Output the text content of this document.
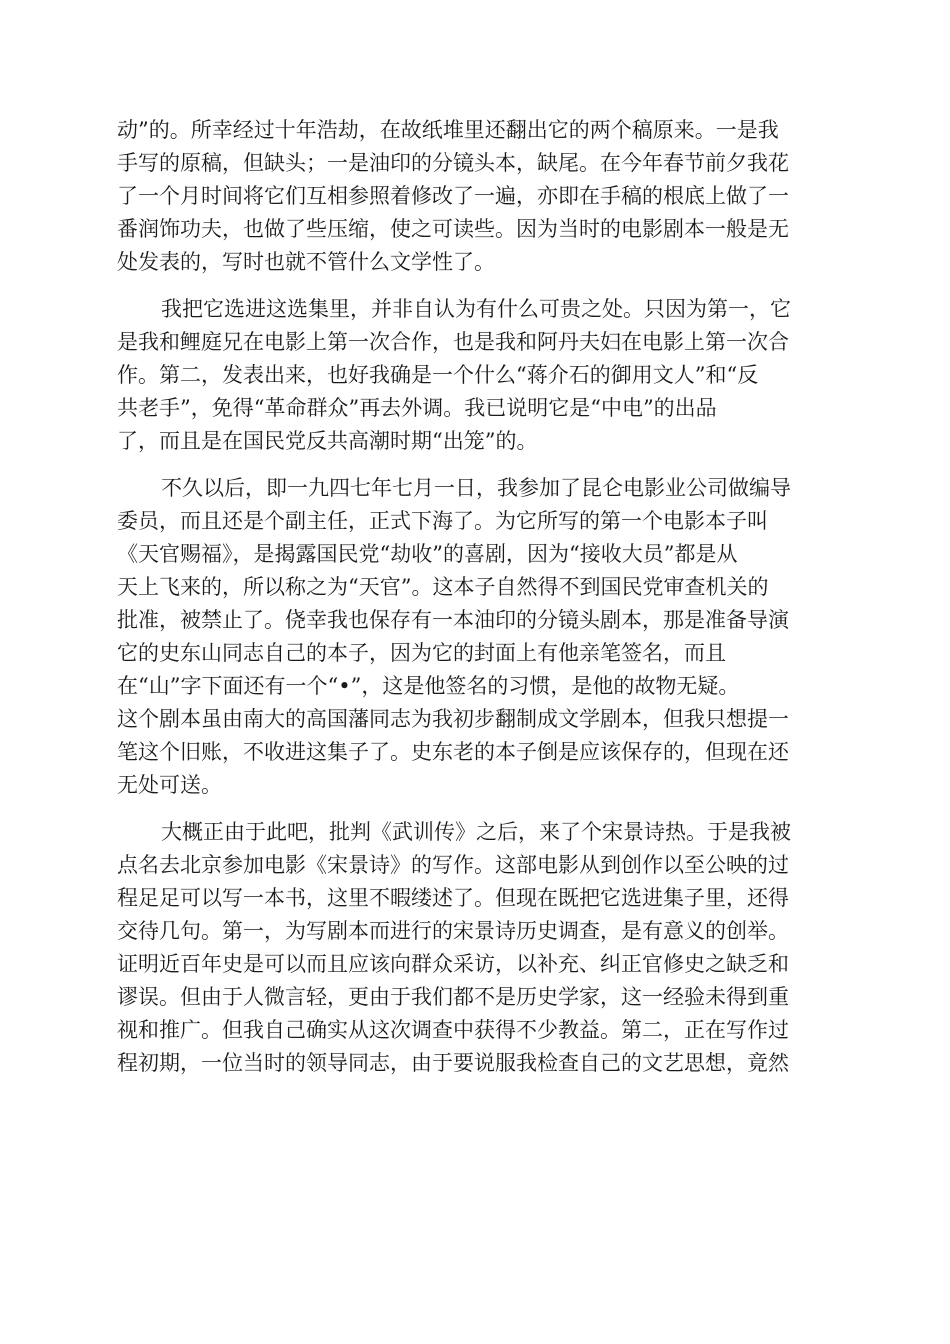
动”的。所幸经过十年浩劫，在故纸堆里还翻出它的两个稿原来。一是我
手写的原稿，但缺头；一是油印的分镜头本，缺尾。在今年春节前夕我花
了一个月时间将它们互相参照着修改了一遍，亦即在手稿的根底上做了一
番润饰功夫，也做了些压缩，使之可读些。因为当时的电影剧本一般是无
处发表的，写时也就不管什么文学性了。
我把它选进这选集里，并非自认为有什么可贵之处。只因为第一，它
是我和鲤庭兄在电影上第一次合作，也是我和阿丹夫妇在电影上第一次合
作。第二，发表出来，也好我确是一个什么“蒋介石的御用文人”和“反
共老手”，免得“革命群众”再去外调。我已说明它是“中电”的出品
了，而且是在国民党反共高潮时期“出笼”的。
不久以后，即一九四七年七月一日，我参加了昆仑电影业公司做编导
委员，而且还是个副主任，正式下海了。为它所写的第一个电影本子叫
《天官赐福》，是揭露国民党“劫收”的喜剧，因为“接收大员”都是从
天上飞来的，所以称之为“天官”。这本子自然得不到国民党审查机关的
批准，被禁止了。侥幸我也保存有一本油印的分镜头剧本，那是准备导演
它的史东山同志自己的本子，因为它的封面上有他亲笔签名，而且
在“山”字下面还有一个“•”，这是他签名的习惯，是他的故物无疑。
这个剧本虽由南大的高国藩同志为我初步翻制成文学剧本，但我只想提一
笔这个旧账，不收进这集子了。史东老的本子倒是应该保存的，但现在还
无处可送。
大概正由于此吧，批判《武训传》之后，来了个宋景诗热。于是我被
点名去北京参加电影《宋景诗》的写作。这部电影从到创作以至公映的过
程足足可以写一本书，这里不暇缕述了。但现在既把它选进集子里，还得
交待几句。第一，为写剧本而进行的宋景诗历史调查，是有意义的创举。
证明近百年史是可以而且应该向群众采访，以补充、纠正官修史之缺乏和
谬误。但由于人微言轻，更由于我们都不是历史学家，这一经验未得到重
视和推广。但我自己确实从这次调查中获得不少教益。第二，正在写作过
程初期，一位当时的领导同志，由于要说服我检查自己的文艺思想，竟然
